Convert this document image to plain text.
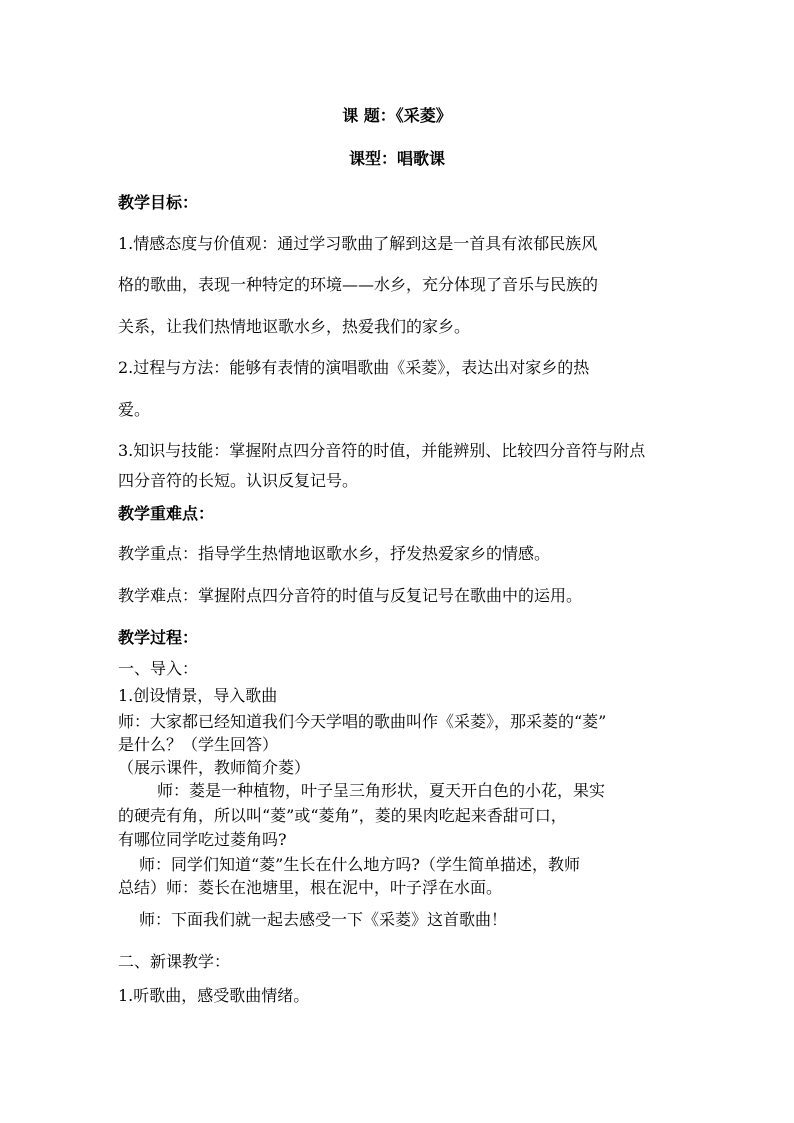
课 题：《采菱》
课型：唱歌课
教学目标：
1.情感态度与价值观：通过学习歌曲了解到这是一首具有浓郁民族风
格的歌曲，表现一种特定的环境——水乡，充分体现了音乐与民族的
关系，让我们热情地讴歌水乡，热爱我们的家乡。
2.过程与方法：能够有表情的演唱歌曲《采菱》，表达出对家乡的热
爱。
3.知识与技能：掌握附点四分音符的时值，并能辨别、比较四分音符与附点
四分音符的长短。认识反复记号。
教学重难点：
教学重点：指导学生热情地讴歌水乡，抒发热爱家乡的情感。
教学难点：掌握附点四分音符的时值与反复记号在歌曲中的运用。
教学过程：
一、导入：
1.创设情景，导入歌曲
师：大家都已经知道我们今天学唱的歌曲叫作《采菱》，那采菱的“菱”
是什么？（学生回答）
（展示课件，教师简介菱）
师：菱是一种植物，叶子呈三角形状，夏天开白色的小花，果实
的硬壳有角，所以叫“菱”或“菱角”，菱的果肉吃起来香甜可口，
有哪位同学吃过菱角吗?
师：同学们知道“菱”生长在什么地方吗?（学生简单描述，教师
总结）师：菱长在池塘里，根在泥中，叶子浮在水面。
师：下面我们就一起去感受一下《采菱》这首歌曲！
二、新课教学：
1.听歌曲，感受歌曲情绪。
